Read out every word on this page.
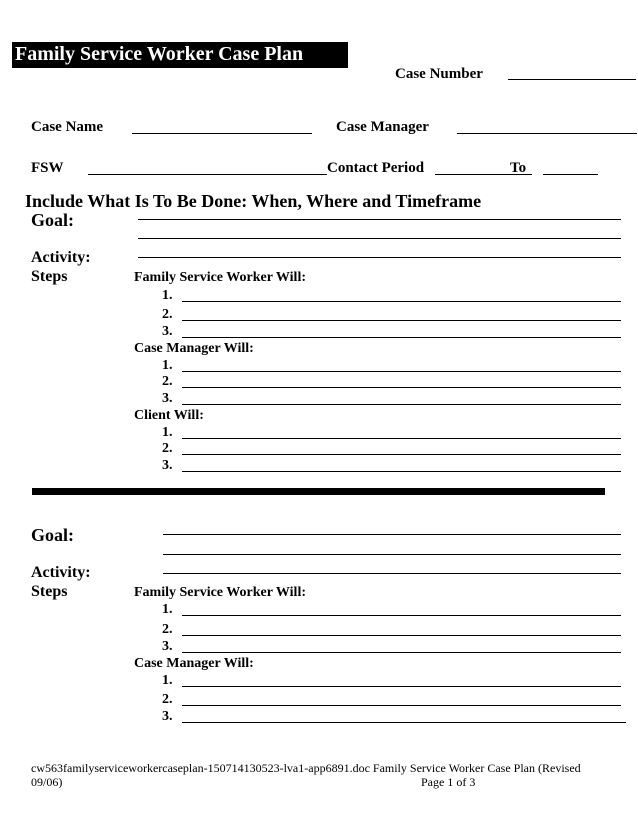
Family Service Worker Case Plan
Case Number
Case Name	Case Manager
FSW	Contact Period	To
Include What Is To Be Done: When, Where and Timeframe
Goal:
Activity:
Steps	Family Service Worker Will:
1.
2.
3.
Case Manager Will:
1.
2.
3.
Client Will:
1.
2.
3.
Goal:
Activity:
Steps	Family Service Worker Will:
1.
2.
3.
Case Manager Will:
1.
2.
3.
cw563familyserviceworkercaseplan-150714130523-lva1-app6891.doc Family Service Worker Case Plan (Revised
09/06)	Page 1 of 3
